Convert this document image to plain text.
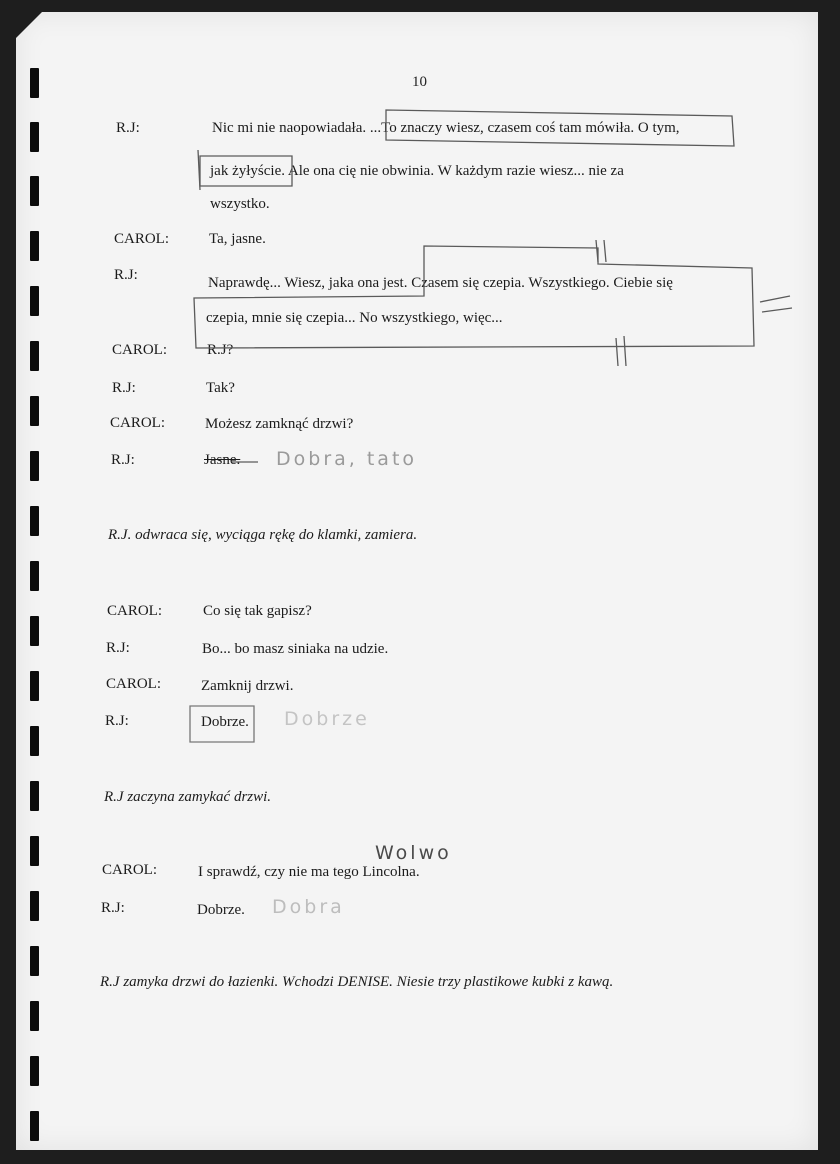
10
R.J:	Nic mi nie naopowiadała. ...To znaczy wiesz, czasem coś tam mówiła. O tym,
jak żyłyście. Ale ona cię nie obwinia. W każdym razie wiesz... nie za
wszystko.
CAROL:	Ta, jasne.
R.J:	Naprawdę... Wiesz, jaka ona jest. Czasem się czepia. Wszystkiego. Ciebie się
czepia, mnie się czepia... No wszystkiego, więc...
CAROL:	R.J?
R.J:	Tak?
CAROL:	Możesz zamknąć drzwi?
R.J:	Jasne. Dobra, tato
R.J. odwraca się, wyciąga rękę do klamki, zamiera.
CAROL:	Co się tak gapisz?
R.J:	Bo... bo masz siniaka na udzie.
CAROL:	Zamknij drzwi.
R.J:	Dobrze. Dobrze
R.J zaczyna zamykać drzwi.
Wolwo
CAROL:	I sprawdź, czy nie ma tego Lincolna.
R.J:	Dobrze. Dobra
R.J zamyka drzwi do łazienki. Wchodzi DENISE. Niesie trzy plastikowe kubki z kawą.
